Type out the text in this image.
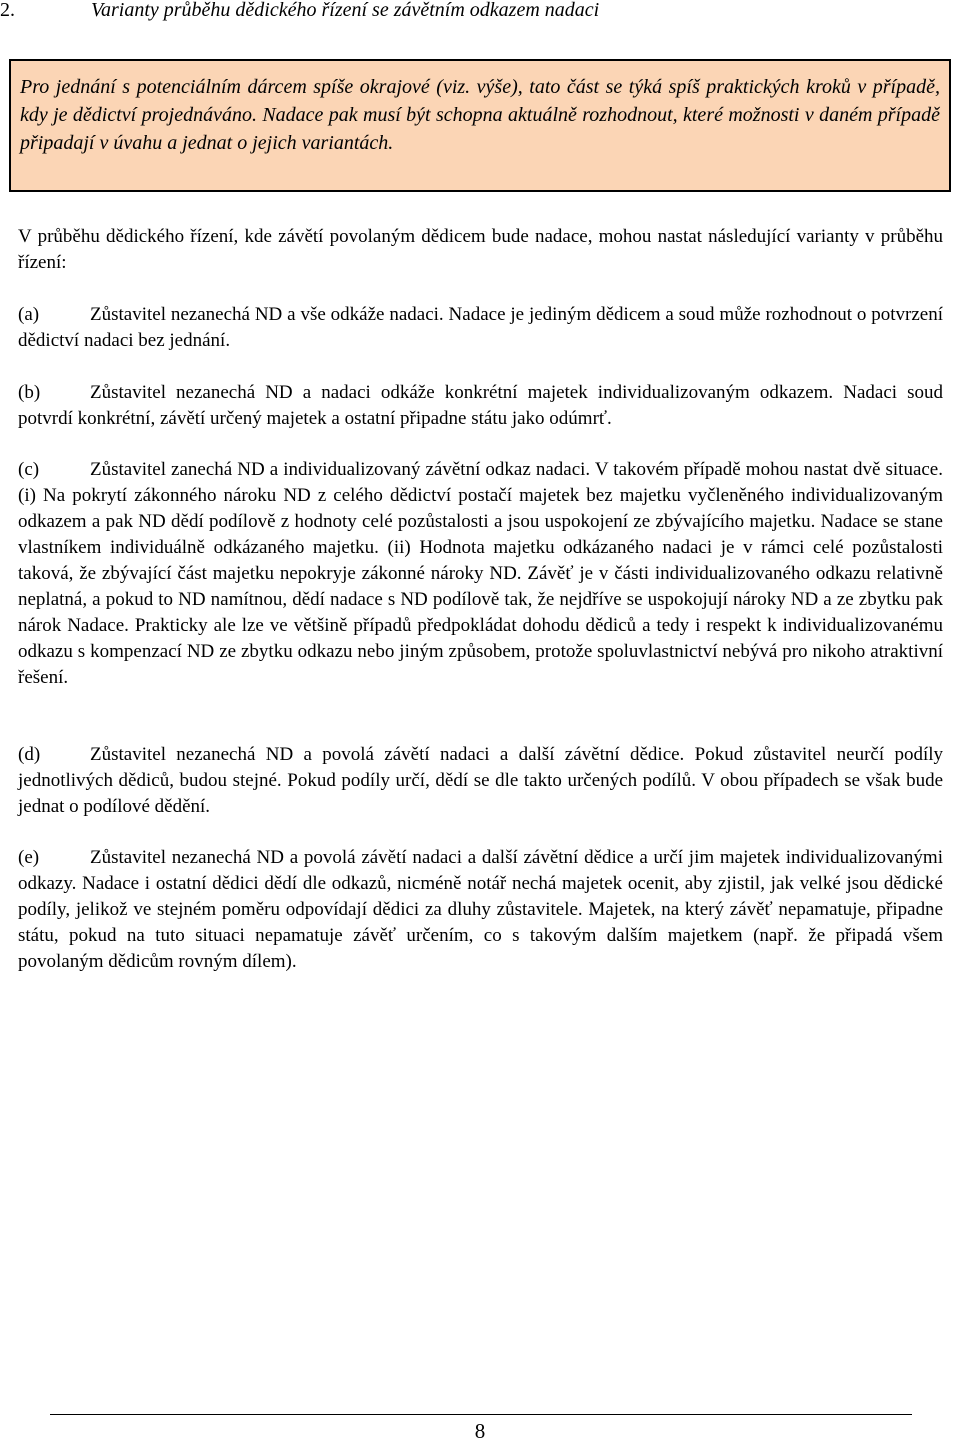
2.	Varianty průběhu dědického řízení se závětním odkazem nadaci
Pro jednání s potenciálním dárcem spíše okrajové (viz. výše), tato část se týká spíš praktických kroků v případě, kdy je dědictví projednáváno. Nadace pak musí být schopna aktuálně rozhodnout, které možnosti v daném případě připadají v úvahu a jednat o jejich variantách.
V průběhu dědického řízení, kde závětí povolaným dědicem bude nadace, mohou nastat následující varianty v průběhu řízení:
(a)	Zůstavitel nezanechá ND a vše odkáže nadaci. Nadace je jediným dědicem a soud může rozhodnout o potvrzení dědictví nadaci bez jednání.
(b)	Zůstavitel nezanechá ND a nadaci odkáže konkrétní majetek individualizovaným odkazem. Nadaci soud potvrdí konkrétní, závětí určený majetek a ostatní připadne státu jako odúmrť.
(c)	Zůstavitel zanechá ND a individualizovaný závětní odkaz nadaci. V takovém případě mohou nastat dvě situace. (i) Na pokrytí zákonného nároku ND z celého dědictví postačí majetek bez majetku vyčleněného individualizovaným odkazem a pak ND dědí podílově z hodnoty celé pozůstalosti a jsou uspokojení ze zbývajícího majetku. Nadace se stane vlastníkem individuálně odkázaného majetku. (ii) Hodnota majetku odkázaného nadaci je v rámci celé pozůstalosti taková, že zbývající část majetku nepokryje zákonné nároky ND. Závěť je v části individualizovaného odkazu relativně neplatná, a pokud to ND namítnou, dědí nadace s ND podílově tak, že nejdříve se uspokojují nároky ND a ze zbytku pak nárok Nadace. Prakticky ale lze ve většině případů předpokládat dohodu dědiců a tedy i respekt k individualizovanému odkazu s kompenzací ND ze zbytku odkazu nebo jiným způsobem, protože spoluvlastnictví nebývá pro nikoho atraktivní řešení.
(d)	Zůstavitel nezanechá ND a povolá závětí nadaci a další závětní dědice. Pokud zůstavitel neurčí podíly jednotlivých dědiců, budou stejné. Pokud podíly určí, dědí se dle takto určených podílů. V obou případech se však bude jednat o podílové dědění.
(e)	Zůstavitel nezanechá ND a povolá závětí nadaci a další závětní dědice a určí jim majetek individualizovanými odkazy. Nadace i ostatní dědici dědí dle odkazů, nicméně notář nechá majetek ocenit, aby zjistil, jak velké jsou dědické podíly, jelikož ve stejném poměru odpovídají dědici za dluhy zůstavitele. Majetek, na který závěť nepamatuje, připadne státu, pokud na tuto situaci nepamatuje závěť určením, co s takovým dalším majetkem (např. že připadá všem povolaným dědicům rovným dílem).
8
